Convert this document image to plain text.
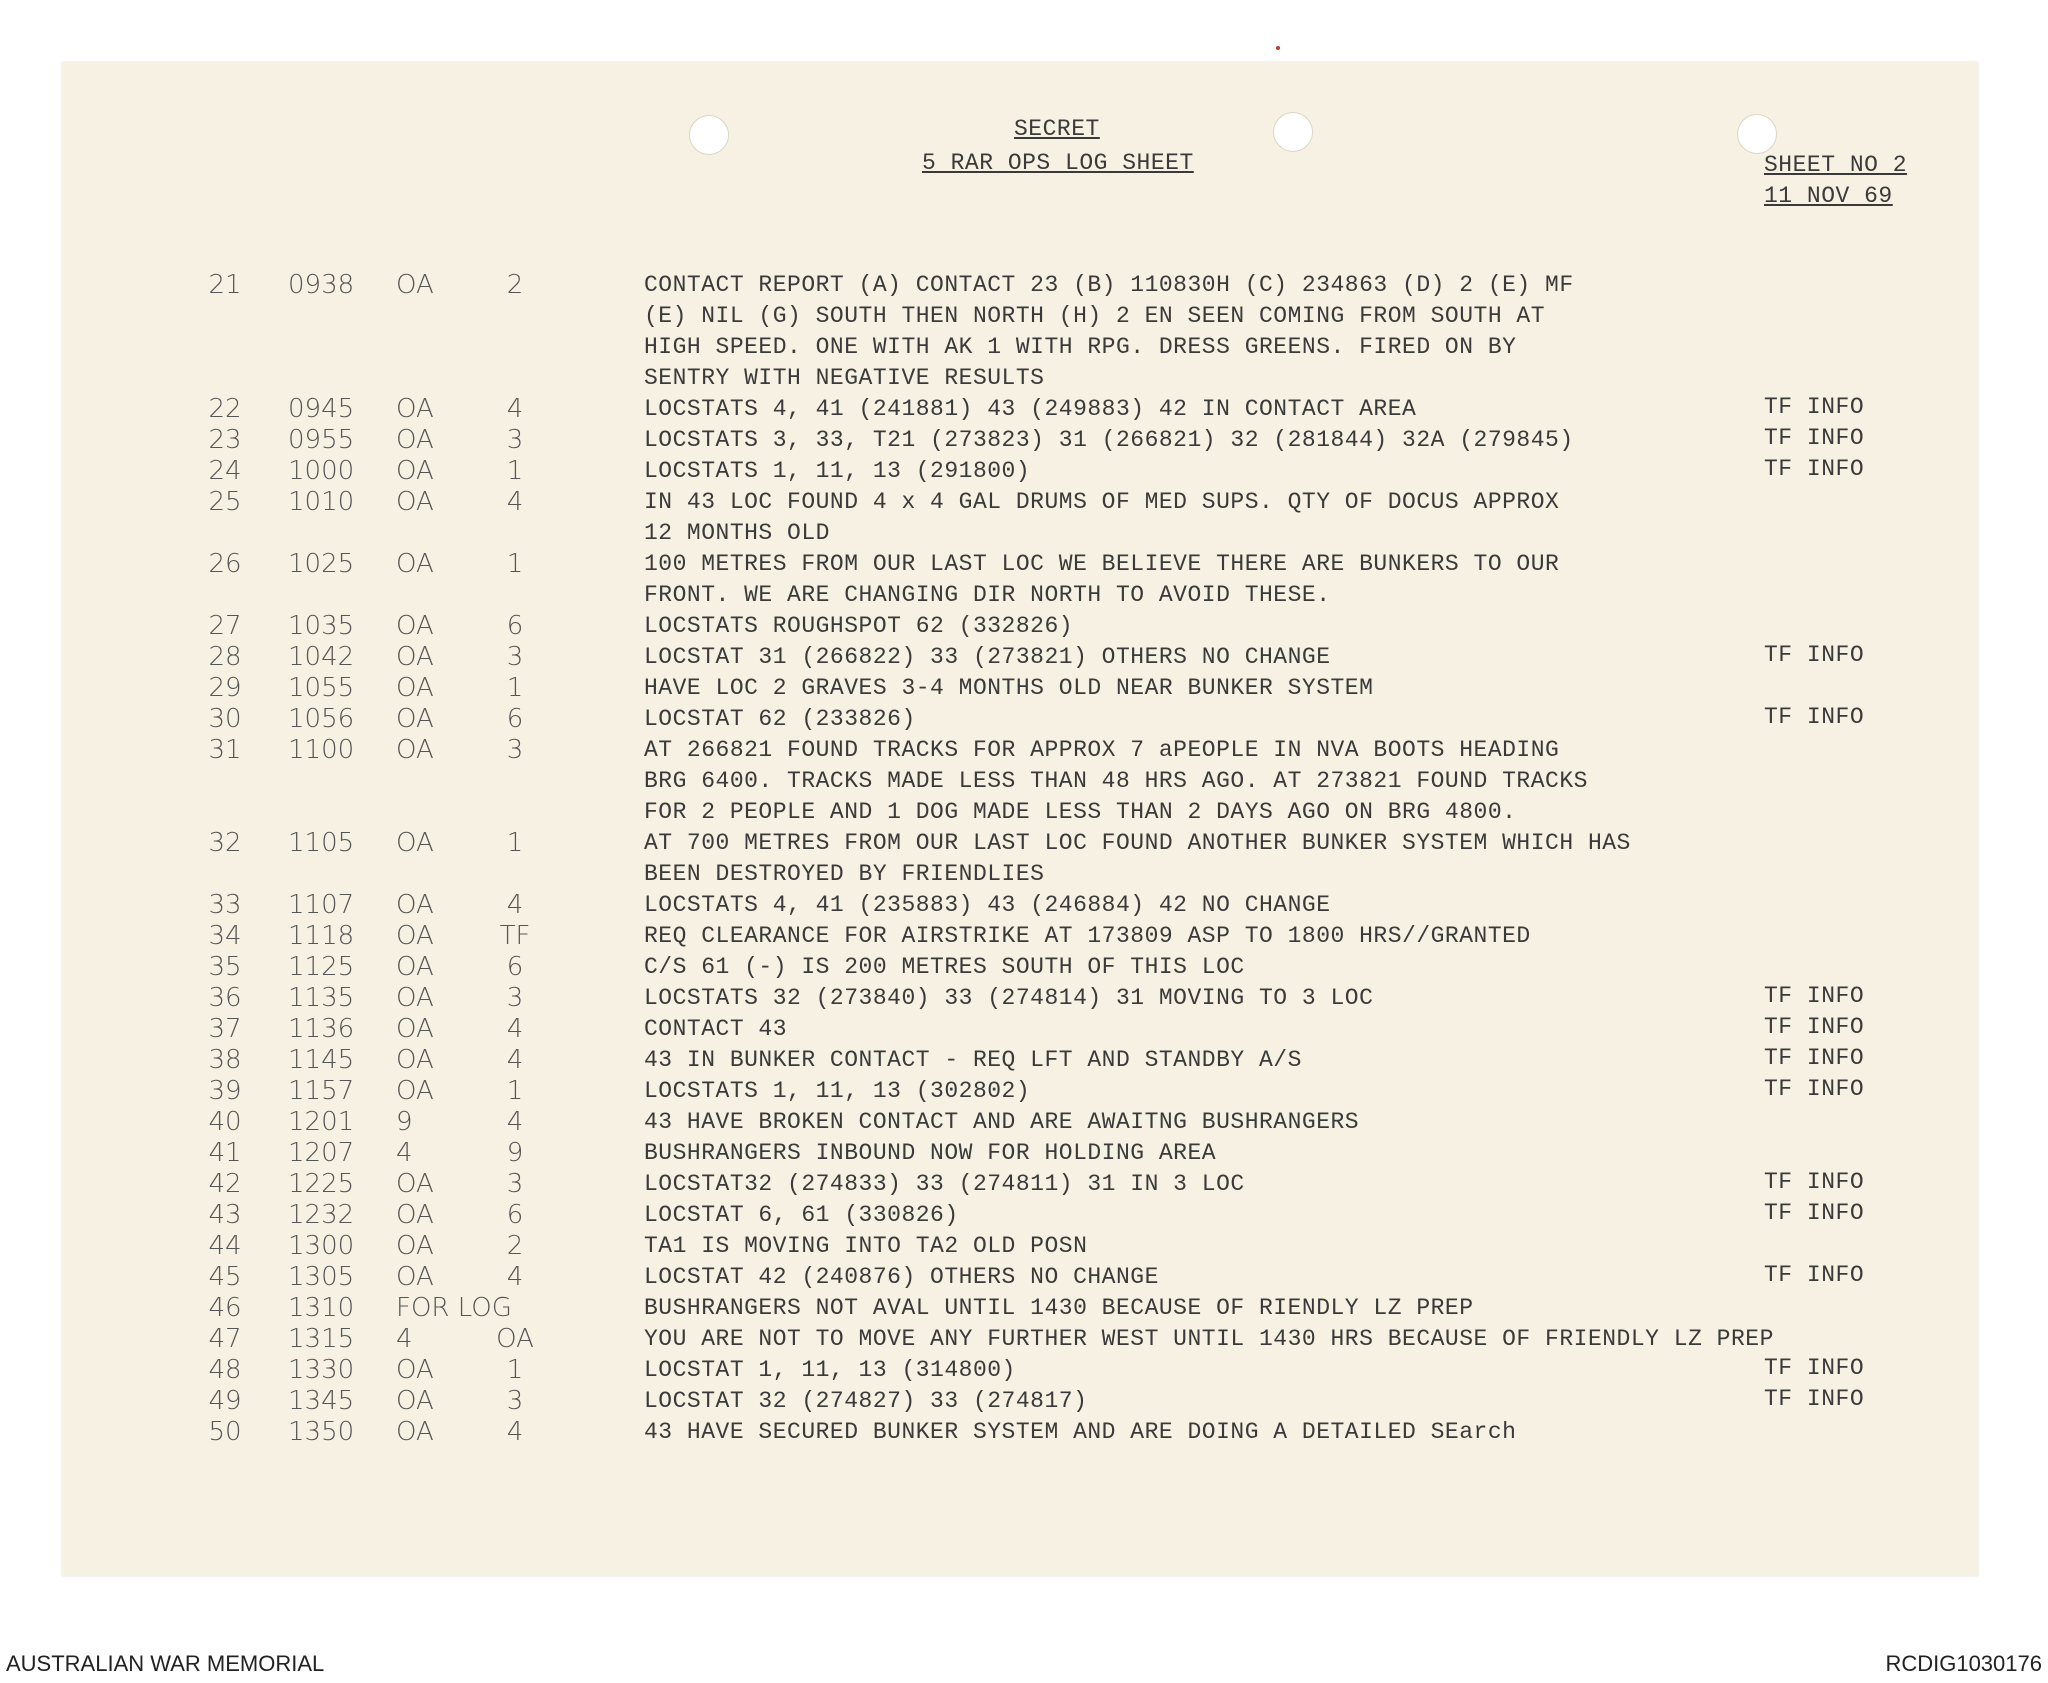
SECRET
5 RAR OPS LOG SHEET	SHEET NO 2
11 NOV 69
21	0938 OA	2	CONTACT REPORT (A) CONTACT 23 (B) 110830H (C) 234863 (D) 2 (E) MF
(E) NIL (G) SOUTH THEN NORTH (H) 2 EN SEEN COMING FROM SOUTH AT
HIGH SPEED. ONE WITH AK 1 WITH RPG. DRESS GREENS. FIRED ON BY
SENTRY WITH NEGATIVE RESULTS
22	0945 OA	4	LOCSTATS 4, 41 (241881) 43 (249883) 42 IN CONTACT AREA	TF INFO
23	0955 OA	3	LOCSTATS 3, 33, T21 (273823) 31 (266821) 32 (281844) 32A (279845)	TF INFO
24	1000 OA	1	LOCSTATS 1, 11, 13 (291800)	TF INFO
25	1010 OA	4	IN 43 LOC FOUND 4 x 4 GAL DRUMS OF MED SUPS. QTY OF DOCUS APPROX
12 MONTHS OLD
26	1025 OA	1	100 METRES FROM OUR LAST LOC WE BELIEVE THERE ARE BUNKERS TO OUR
FRONT. WE ARE CHANGING DIR NORTH TO AVOID THESE.
27	1035 OA	6	LOCSTATS ROUGHSPOT 62 (332826)
28	1042 OA	3	LOCSTAT 31 (266822) 33 (273821) OTHERS NO CHANGE	TF INFO
29	1055 OA	1	HAVE LOC 2 GRAVES 3-4 MONTHS OLD NEAR BUNKER SYSTEM
30	1056 OA	6	LOCSTAT 62 (233826)	TF INFO
31	1100 OA	3	AT 266821 FOUND TRACKS FOR APPROX 7 aPEOPLE IN NVA BOOTS HEADING
BRG 6400. TRACKS MADE LESS THAN 48 HRS AGO. AT 273821 FOUND TRACKS
FOR 2 PEOPLE AND 1 DOG MADE LESS THAN 2 DAYS AGO ON BRG 4800.
32	1105 OA	1	AT 700 METRES FROM OUR LAST LOC FOUND ANOTHER BUNKER SYSTEM WHICH HAS
BEEN DESTROYED BY FRIENDLIES
33	1107 OA	4	LOCSTATS 4, 41 (235883) 43 (246884) 42 NO CHANGE
34	1118 OA	TF	REQ CLEARANCE FOR AIRSTRIKE AT 173809 ASP TO 1800 HRS//GRANTED
35	1125 OA	6	C/S 61 (-) IS 200 METRES SOUTH OF THIS LOC
36	1135 OA	3	LOCSTATS 32 (273840) 33 (274814) 31 MOVING TO 3 LOC	TF INFO
37	1136 OA	4	CONTACT 43	TF INFO
38	1145 OA	4	43 IN BUNKER CONTACT - REQ LFT AND STANDBY A/S	TF INFO
39	1157 OA	1	LOCSTATS 1, 11, 13 (302802)	TF INFO
40	1201 9	4	43 HAVE BROKEN CONTACT AND ARE AWAITNG BUSHRANGERS
41	1207 4	9	BUSHRANGERS INBOUND NOW FOR HOLDING AREA
42	1225 OA	3	LOCSTAT32 (274833) 33 (274811) 31 IN 3 LOC	TF INFO
43	1232 OA	6	LOCSTAT 6, 61 (330826)	TF INFO
44	1300 OA	2	TA1 IS MOVING INTO TA2 OLD POSN
45	1305 OA	4	LOCSTAT 42 (240876) OTHERS NO CHANGE	TF INFO
46	1310 FOR LOG	BUSHRANGERS NOT AVAL UNTIL 1430 BECAUSE OF RIENDLY LZ PREP
47	1315 4	OA	YOU ARE NOT TO MOVE ANY FURTHER WEST UNTIL 1430 HRS BECAUSE OF FRIENDLY LZ PREP
48	1330 OA	1	LOCSTAT 1, 11, 13 (314800)	TF INFO
49	1345 OA	3	LOCSTAT 32 (274827) 33 (274817)	TF INFO
50	1350 OA	4	43 HAVE SECURED BUNKER SYSTEM AND ARE DOING A DETAILED SEarch
AUSTRALIAN WAR MEMORIAL	RCDIG1030176
